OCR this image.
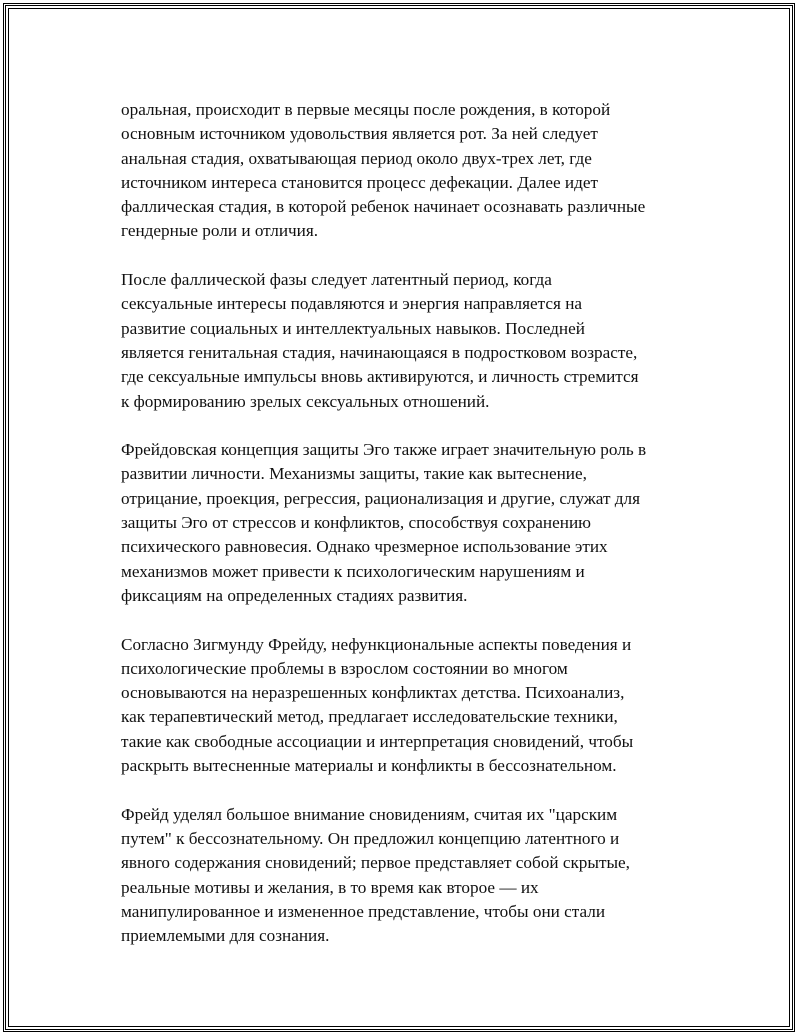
оральная, происходит в первые месяцы после рождения, в которой
основным источником удовольствия является рот. За ней следует
анальная стадия, охватывающая период около двух-трех лет, где
источником интереса становится процесс дефекации. Далее идет
фаллическая стадия, в которой ребенок начинает осознавать различные
гендерные роли и отличия.

После фаллической фазы следует латентный период, когда
сексуальные интересы подавляются и энергия направляется на
развитие социальных и интеллектуальных навыков. Последней
является генитальная стадия, начинающаяся в подростковом возрасте,
где сексуальные импульсы вновь активируются, и личность стремится
к формированию зрелых сексуальных отношений.

Фрейдовская концепция защиты Эго также играет значительную роль в
развитии личности. Механизмы защиты, такие как вытеснение,
отрицание, проекция, регрессия, рационализация и другие, служат для
защиты Эго от стрессов и конфликтов, способствуя сохранению
психического равновесия. Однако чрезмерное использование этих
механизмов может привести к психологическим нарушениям и
фиксациям на определенных стадиях развития.

Согласно Зигмунду Фрейду, нефункциональные аспекты поведения и
психологические проблемы в взрослом состоянии во многом
основываются на неразрешенных конфликтах детства. Психоанализ,
как терапевтический метод, предлагает исследовательские техники,
такие как свободные ассоциации и интерпретация сновидений, чтобы
раскрыть вытесненные материалы и конфликты в бессознательном.

Фрейд уделял большое внимание сновидениям, считая их "царским
путем" к бессознательному. Он предложил концепцию латентного и
явного содержания сновидений; первое представляет собой скрытые,
реальные мотивы и желания, в то время как второе — их
манипулированное и измененное представление, чтобы они стали
приемлемыми для сознания.
